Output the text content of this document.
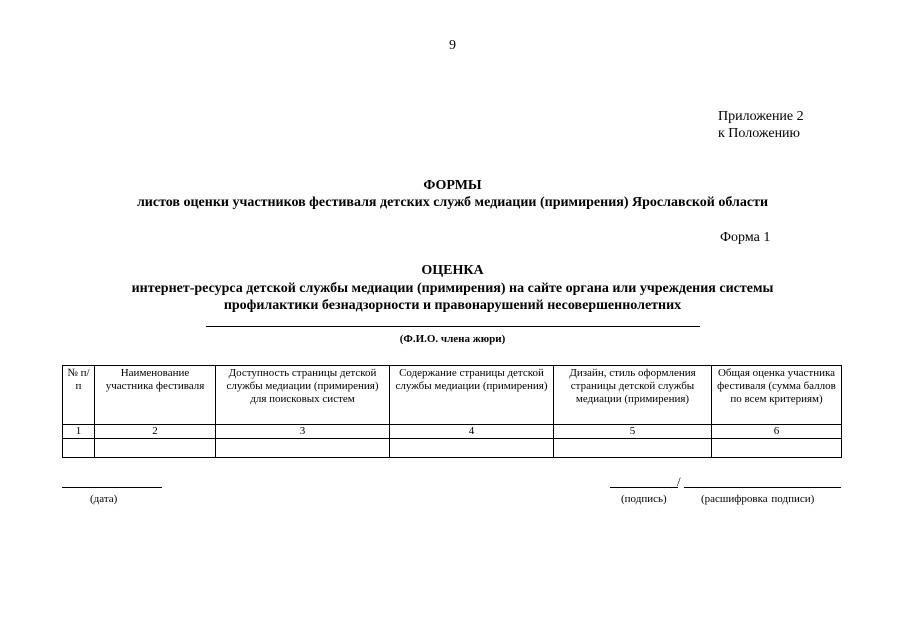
9
Приложение 2
к Положению
ФОРМЫ
листов оценки участников фестиваля детских служб медиации (примирения) Ярославской области
Форма 1
ОЦЕНКА
интернет-ресурса детской службы медиации (примирения) на сайте органа или учреждения системы
профилактики безнадзорности и правонарушений несовершеннолетних
(Ф.И.О. члена жюри)
№ п/п	Наименование участника фестиваля	Доступность страницы детской службы медиации (примирения) для поисковых систем	Содержание страницы детской службы медиации (примирения)	Дизайн, стиль оформления страницы детской службы медиации (примирения)	Общая оценка участника фестиваля (сумма баллов по всем критериям)
1	2	3	4	5	6

(дата)
/
(подпись)	(расшифровка подписи)
